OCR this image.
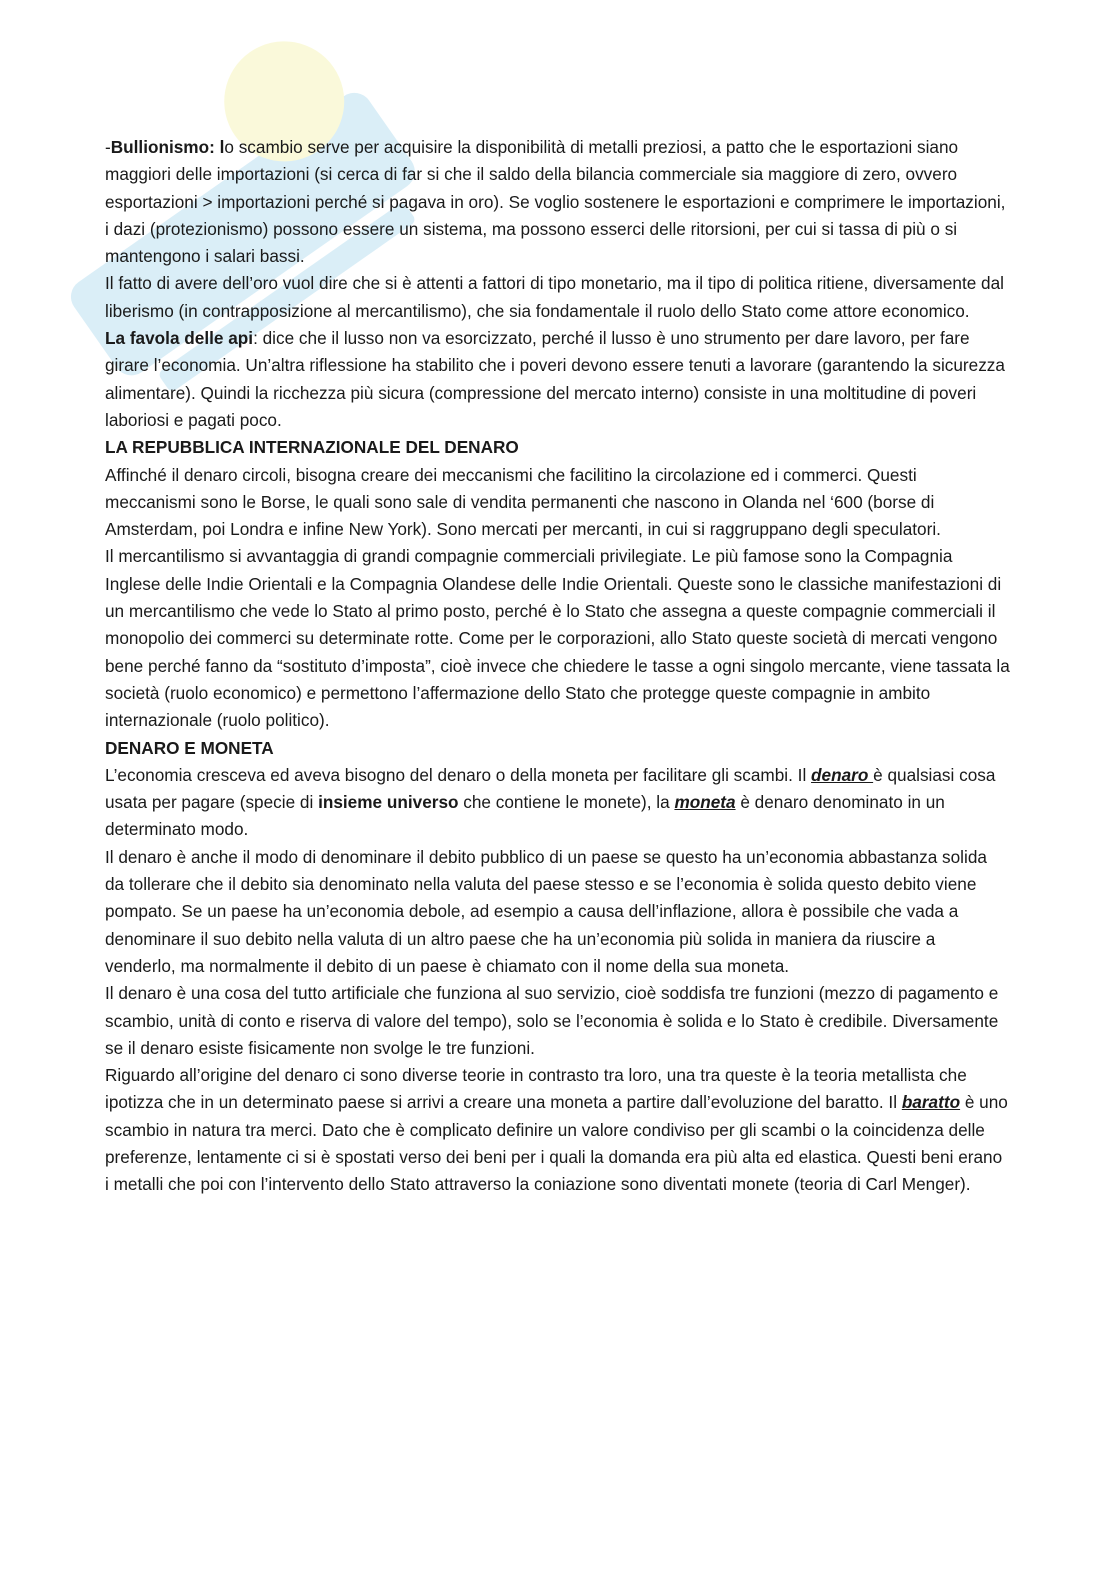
-Bullionismo: lo scambio serve per acquisire la disponibilità di metalli preziosi, a patto che le esportazioni siano maggiori delle importazioni (si cerca di far si che il saldo della bilancia commerciale sia maggiore di zero, ovvero esportazioni > importazioni perché si pagava in oro). Se voglio sostenere le esportazioni e comprimere le importazioni, i dazi (protezionismo) possono essere un sistema, ma possono esserci delle ritorsioni, per cui si tassa di più o si mantengono i salari bassi.

Il fatto di avere dell’oro vuol dire che si è attenti a fattori di tipo monetario, ma il tipo di politica ritiene, diversamente dal liberismo (in contrapposizione al mercantilismo), che sia fondamentale il ruolo dello Stato come attore economico.

La favola delle api: dice che il lusso non va esorcizzato, perché il lusso è uno strumento per dare lavoro, per fare girare l’economia. Un’altra riflessione ha stabilito che i poveri devono essere tenuti a lavorare (garantendo la sicurezza alimentare). Quindi la ricchezza più sicura (compressione del mercato interno) consiste in una moltitudine di poveri laboriosi e pagati poco.

LA REPUBBLICA INTERNAZIONALE DEL DENARO

Affinché il denaro circoli, bisogna creare dei meccanismi che facilitino la circolazione ed i commerci. Questi meccanismi sono le Borse, le quali sono sale di vendita permanenti che nascono in Olanda nel ‘600 (borse di Amsterdam, poi Londra e infine New York). Sono mercati per mercanti, in cui si raggruppano degli speculatori.

Il mercantilismo si avvantaggia di grandi compagnie commerciali privilegiate. Le più famose sono la Compagnia Inglese delle Indie Orientali e la Compagnia Olandese delle Indie Orientali. Queste sono le classiche manifestazioni di un mercantilismo che vede lo Stato al primo posto, perché è lo Stato che assegna a queste compagnie commerciali il monopolio dei commerci su determinate rotte. Come per le corporazioni, allo Stato queste società di mercati vengono bene perché fanno da “sostituto d’imposta”, cioè invece che chiedere le tasse a ogni singolo mercante, viene tassata la società (ruolo economico) e permettono l’affermazione dello Stato che protegge queste compagnie in ambito internazionale (ruolo politico).

DENARO E MONETA

L’economia cresceva ed aveva bisogno del denaro o della moneta per facilitare gli scambi. Il denaro è qualsiasi cosa usata per pagare (specie di insieme universo che contiene le monete), la moneta è denaro denominato in un determinato modo.

Il denaro è anche il modo di denominare il debito pubblico di un paese se questo ha un’economia abbastanza solida da tollerare che il debito sia denominato nella valuta del paese stesso e se l’economia è solida questo debito viene pompato. Se un paese ha un’economia debole, ad esempio a causa dell’inflazione, allora è possibile che vada a denominare il suo debito nella valuta di un altro paese che ha un’economia più solida in maniera da riuscire a venderlo, ma normalmente il debito di un paese è chiamato con il nome della sua moneta.

Il denaro è una cosa del tutto artificiale che funziona al suo servizio, cioè soddisfa tre funzioni (mezzo di pagamento e scambio, unità di conto e riserva di valore del tempo), solo se l’economia è solida e lo Stato è credibile. Diversamente se il denaro esiste fisicamente non svolge le tre funzioni.

Riguardo all’origine del denaro ci sono diverse teorie in contrasto tra loro, una tra queste è la teoria metallista che ipotizza che in un determinato paese si arrivi a creare una moneta a partire dall’evoluzione del baratto. Il baratto è uno scambio in natura tra merci. Dato che è complicato definire un valore condiviso per gli scambi o la coincidenza delle preferenze, lentamente ci si è spostati verso dei beni per i quali la domanda era più alta ed elastica. Questi beni erano i metalli che poi con l’intervento dello Stato attraverso la coniazione sono diventati monete (teoria di Carl Menger).
